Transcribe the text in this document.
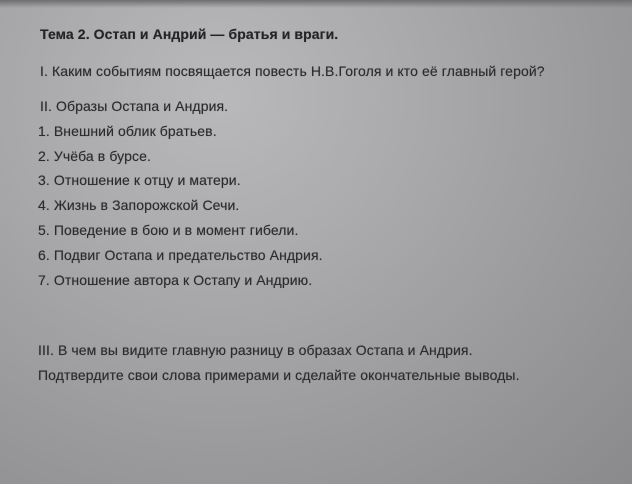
Тема 2. Остап и Андрий — братья и враги.
I. Каким событиям посвящается повесть Н.В.Гоголя и кто её главный герой?
II. Образы Остапа и Андрия.
1. Внешний облик братьев.
2. Учёба в бурсе.
3. Отношение к отцу и матери.
4. Жизнь в Запорожской Сечи.
5. Поведение в бою и в момент гибели.
6. Подвиг Остапа и предательство Андрия.
7. Отношение автора к Остапу и Андрию.
III. В чем вы видите главную разницу в образах Остапа и Андрия.
Подтвердите свои слова примерами и сделайте окончательные выводы.
